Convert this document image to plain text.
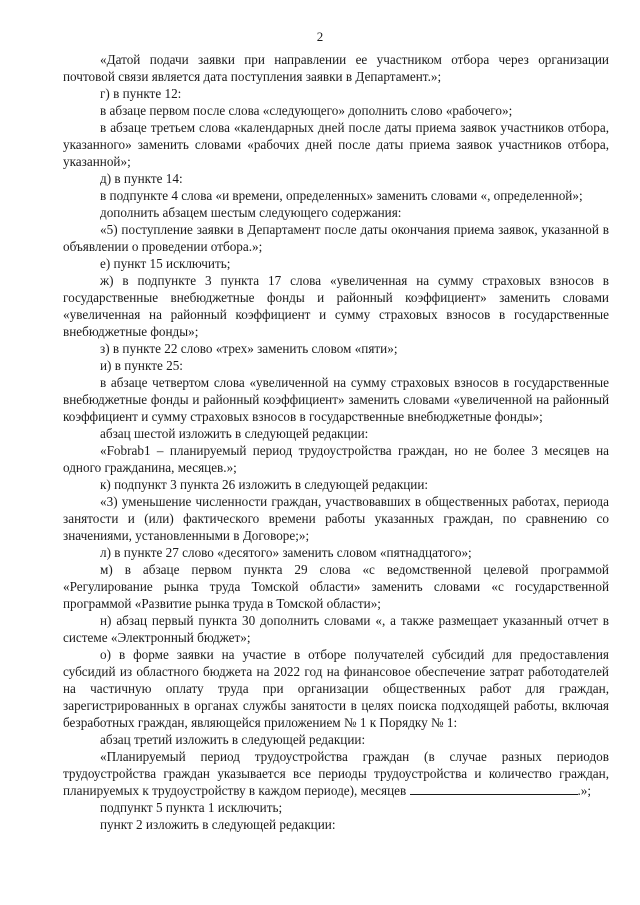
2

«Датой подачи заявки при направлении ее участником отбора через организации почтовой связи является дата поступления заявки в Департамент.»;

г) в пункте 12:

в абзаце первом после слова «следующего» дополнить слово «рабочего»;

в абзаце третьем слова «календарных дней после даты приема заявок участников отбора, указанного» заменить словами «рабочих дней после даты приема заявок участников отбора, указанной»;

д) в пункте 14:

в подпункте 4 слова «и времени, определенных» заменить словами «, определенной»;

дополнить абзацем шестым следующего содержания:

«5) поступление заявки в Департамент после даты окончания приема заявок, указанной в объявлении о проведении отбора.»;

е) пункт 15 исключить;

ж) в подпункте 3 пункта 17 слова «увеличенная на сумму страховых взносов в государственные внебюджетные фонды и районный коэффициент» заменить словами «увеличенная на районный коэффициент и сумму страховых взносов в государственные внебюджетные фонды»;

з) в пункте 22 слово «трех» заменить словом «пяти»;

и) в пункте 25:

в абзаце четвертом слова «увеличенной на сумму страховых взносов в государственные внебюджетные фонды и районный коэффициент» заменить словами «увеличенной на районный коэффициент и сумму страховых взносов в государственные внебюджетные фонды»;

абзац шестой изложить в следующей редакции:

«Fobrab1 – планируемый период трудоустройства граждан, но не более 3 месяцев на одного гражданина, месяцев.»;

к) подпункт 3 пункта 26 изложить в следующей редакции:

«3) уменьшение численности граждан, участвовавших в общественных работах, периода занятости и (или) фактического времени работы указанных граждан, по сравнению со значениями, установленными в Договоре;»;

л) в пункте 27 слово «десятого» заменить словом «пятнадцатого»;

м) в абзаце первом пункта 29 слова «с ведомственной целевой программой «Регулирование рынка труда Томской области» заменить словами «с государственной программой «Развитие рынка труда в Томской области»;

н) абзац первый пункта 30 дополнить словами «, а также размещает указанный отчет в системе «Электронный бюджет»;

о) в форме заявки на участие в отборе получателей субсидий для предоставления субсидий из областного бюджета на 2022 год на финансовое обеспечение затрат работодателей на частичную оплату труда при организации общественных работ для граждан, зарегистрированных в органах службы занятости в целях поиска подходящей работы, включая безработных граждан, являющейся приложением № 1 к Порядку № 1:

абзац третий изложить в следующей редакции:

«Планируемый период трудоустройства граждан (в случае разных периодов трудоустройства граждан указывается все периоды трудоустройства и количество граждан, планируемых к трудоустройству в каждом периоде), месяцев	.»;

подпункт 5 пункта 1 исключить;

пункт 2 изложить в следующей редакции:
